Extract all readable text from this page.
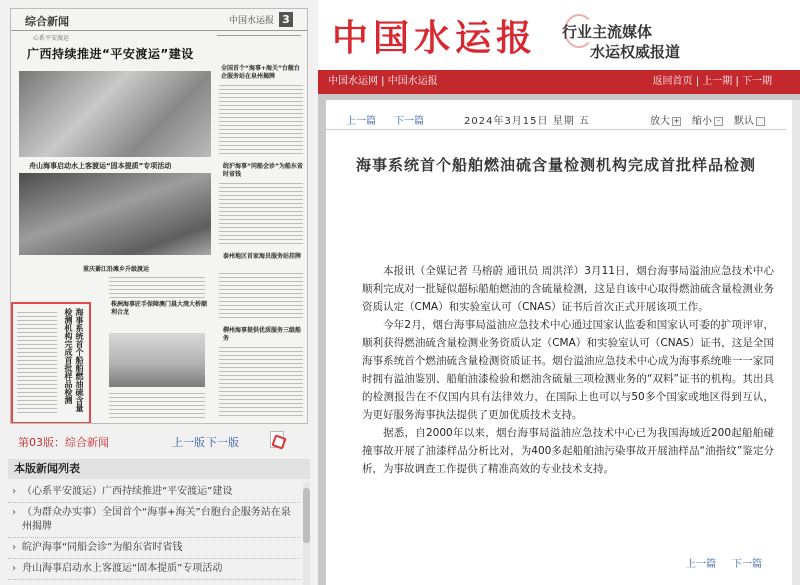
综合新闻	中国水运报 3
心系平安渡运
广西持续推进“平安渡运”建设
舟山海事启动水上客渡运“固本提质”专项活动
重庆綦江沿滩乡升级渡运
全国首个“海事+海关”台舰台企服务站在泉州揭牌
皖沪海事“同船会诊”为船东省时省钱
泰州地区首家海员服务站挂牌
株洲海事匠手保障澳门晨大湾大桥顺利合龙
柳州海事提供优质服务三级船务
海事系统首个船舶燃油硫含量检测机构完成首批样品检测
第03版：综合新闻	上一版 下一版
本版新闻列表
› （心系平安渡运）广西持续推进“平安渡运”建设
› （为群众办实事）全国首个“海事+海关”台胞台企服务站在泉州揭牌
› 皖沪海事“同船会诊”为船东省时省钱
› 舟山海事启动水上客渡运“固本提质”专项活动
中国水运报 行业主流媒体
水运权威报道
中国水运网 | 中国水运报	返回首页 | 上一期 | 下一期
上一篇 下一篇	2024年3月15日 星期 五	放大 + 缩小 -	默认
海事系统首个船舶燃油硫含量检测机构完成首批样品检测

本报讯（全媒记者 马榕蔚 通讯员 周洪洋）3月11日，烟台海事局溢油应急技术中心顺利完成对一批疑似超标船舶燃油的含硫量检测，这是自该中心取得燃油硫含量检测业务资质认定（CMA）和实验室认可（CNAS）证书后首次正式开展该项工作。

今年2月，烟台海事局溢油应急技术中心通过国家认监委和国家认可委的扩项评审，顺利获得燃油硫含量检测业务资质认定（CMA）和实验室认可（CNAS）证书，这是全国海事系统首个燃油硫含量检测资质证书。烟台溢油应急技术中心成为海事系统唯一一家同时拥有溢油鉴别、船舶油漆检验和燃油含硫量三项检测业务的“双料”证书的机构。其出具的检测报告在不仅国内具有法律效力，在国际上也可以与50多个国家或地区得到互认，为更好服务海事执法提供了更加优质技术支持。

据悉，自2000年以来，烟台海事局溢油应急技术中心已为我国海域近200起船舶碰撞事故开展了油漆样品分析比对，为400多起船舶油污染事故开展油样品“油指纹”鉴定分析，为事故调查工作提供了精准高效的专业技术支持。

上一篇 下一篇
